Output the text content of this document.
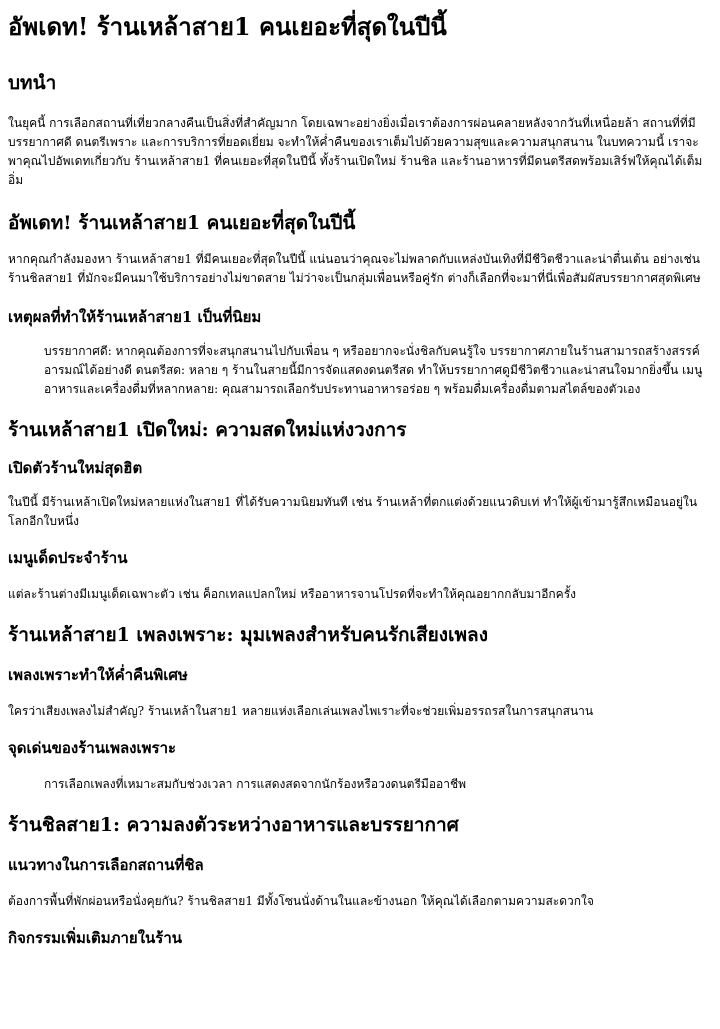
อัพเดท! ร้านเหล้าสาย1 คนเยอะที่สุดในปีนี้
บทนำ

ในยุคนี้ การเลือกสถานที่เที่ยวกลางคืนเป็นสิ่งที่สำคัญมาก โดยเฉพาะอย่างยิ่งเมื่อเราต้องการผ่อนคลายหลังจากวันที่เหนื่อยล้า สถานที่ที่มีบรรยากาศดี ดนตรีเพราะ และการบริการที่ยอดเยี่ยม จะทำให้ค่ำคืนของเราเต็มไปด้วยความสุขและความสนุกสนาน ในบทความนี้ เราจะพาคุณไปอัพเดทเกี่ยวกับ ร้านเหล้าสาย1 ที่คนเยอะที่สุดในปีนี้ ทั้งร้านเปิดใหม่ ร้านชิล และร้านอาหารที่มีดนตรีสดพร้อมเสิร์ฟให้คุณได้เต็มอิ่ม

อัพเดท! ร้านเหล้าสาย1 คนเยอะที่สุดในปีนี้

หากคุณกำลังมองหา ร้านเหล้าสาย1 ที่มีคนเยอะที่สุดในปีนี้ แน่นอนว่าคุณจะไม่พลาดกับแหล่งบันเทิงที่มีชีวิตชีวาและน่าตื่นเต้น อย่างเช่น ร้านชิลสาย1 ที่มักจะมีคนมาใช้บริการอย่างไม่ขาดสาย ไม่ว่าจะเป็นกลุ่มเพื่อนหรือคู่รัก ต่างก็เลือกที่จะมาที่นี่เพื่อสัมผัสบรรยากาศสุดพิเศษ

เหตุผลที่ทำให้ร้านเหล้าสาย1 เป็นที่นิยม

บรรยากาศดี: หากคุณต้องการที่จะสนุกสนานไปกับเพื่อน ๆ หรืออยากจะนั่งชิลกับคนรู้ใจ บรรยากาศภายในร้านสามารถสร้างสรรค์อารมณ์ได้อย่างดี ดนตรีสด: หลาย ๆ ร้านในสายนี้มีการจัดแสดงดนตรีสด ทำให้บรรยากาศดูมีชีวิตชีวาและน่าสนใจมากยิ่งขึ้น เมนูอาหารและเครื่องดื่มที่หลากหลาย: คุณสามารถเลือกรับประทานอาหารอร่อย ๆ พร้อมดื่มเครื่องดื่มตามสไตล์ของตัวเอง

ร้านเหล้าสาย1 เปิดใหม่: ความสดใหม่แห่งวงการ
เปิดตัวร้านใหม่สุดฮิต

ในปีนี้ มีร้านเหล้าเปิดใหม่หลายแห่งในสาย1 ที่ได้รับความนิยมทันที เช่น ร้านเหล้าที่ตกแต่งด้วยแนวดิบเท่ ทำให้ผู้เข้ามารู้สึกเหมือนอยู่ในโลกอีกใบหนึ่ง

เมนูเด็ดประจำร้าน

แต่ละร้านต่างมีเมนูเด็ดเฉพาะตัว เช่น ค็อกเทลแปลกใหม่ หรืออาหารจานโปรดที่จะทำให้คุณอยากกลับมาอีกครั้ง

ร้านเหล้าสาย1 เพลงเพราะ: มุมเพลงสำหรับคนรักเสียงเพลง
เพลงเพราะทำให้ค่ำคืนพิเศษ

ใครว่าเสียงเพลงไม่สำคัญ? ร้านเหล้าในสาย1 หลายแห่งเลือกเล่นเพลงไพเราะที่จะช่วยเพิ่มอรรถรสในการสนุกสนาน

จุดเด่นของร้านเพลงเพราะ

การเลือกเพลงที่เหมาะสมกับช่วงเวลา การแสดงสดจากนักร้องหรือวงดนตรีมืออาชีพ

ร้านชิลสาย1: ความลงตัวระหว่างอาหารและบรรยากาศ
แนวทางในการเลือกสถานที่ชิล

ต้องการพื้นที่พักผ่อนหรือนั่งคุยกัน? ร้านชิลสาย1 มีทั้งโซนนั่งด้านในและข้างนอก ให้คุณได้เลือกตามความสะดวกใจ

กิจกรรมเพิ่มเติมภายในร้าน
